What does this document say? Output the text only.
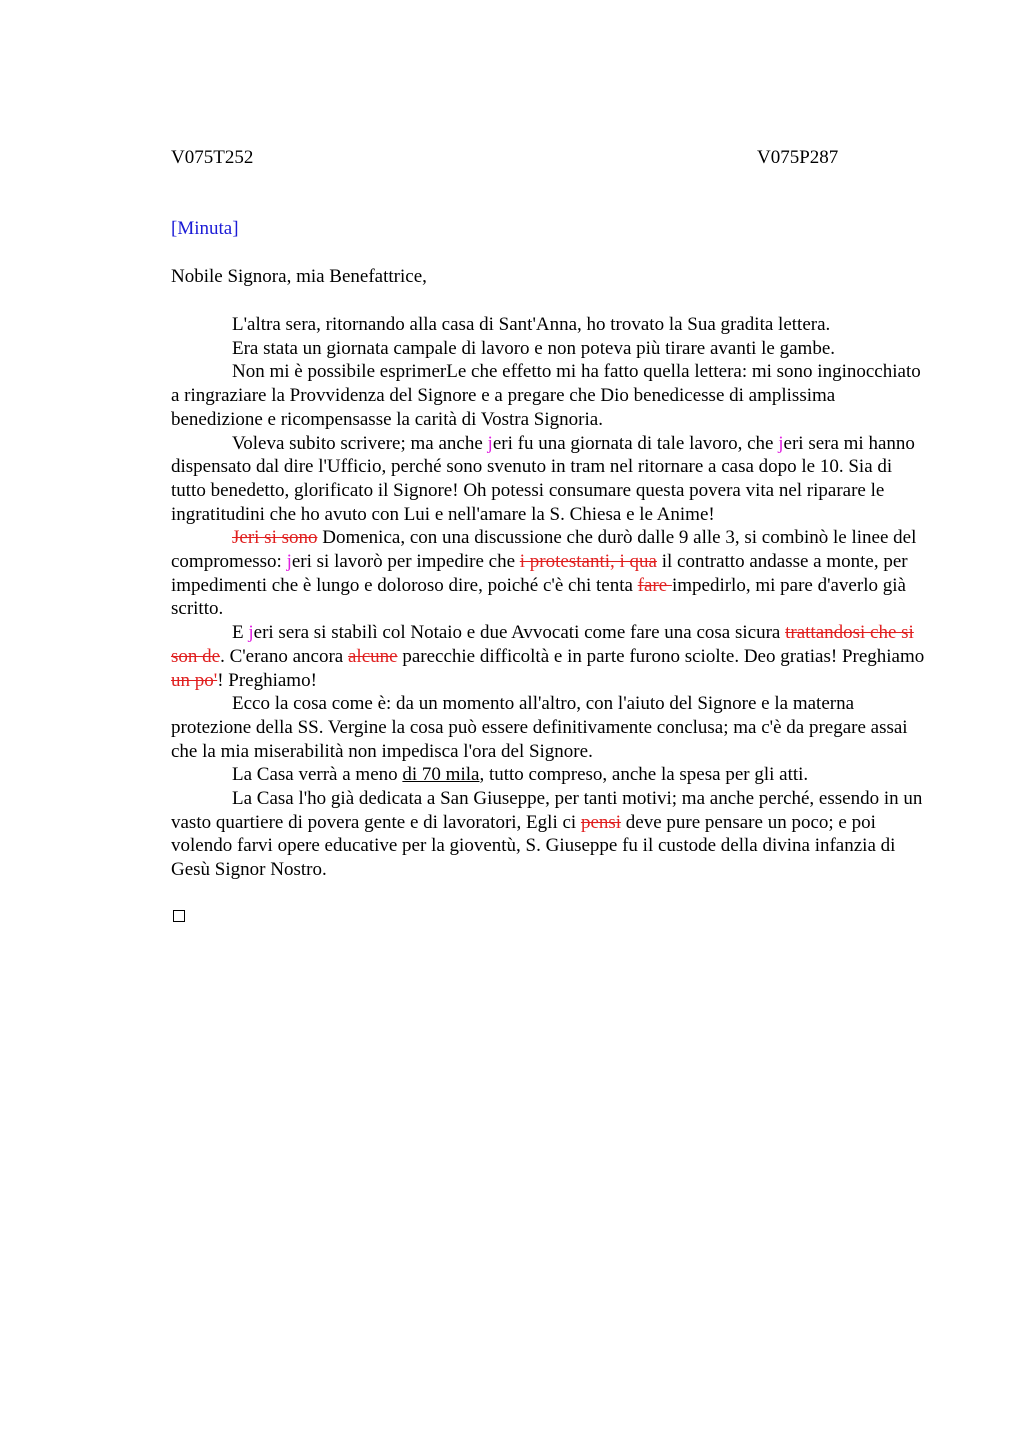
V075T252	V075P287
[Minuta]
Nobile Signora, mia Benefattrice,

L'altra sera, ritornando alla casa di Sant'Anna, ho trovato la Sua gradita lettera.

Era stata un giornata campale di lavoro e non poteva più tirare avanti le gambe.

Non mi è possibile esprimerLe che effetto mi ha fatto quella lettera: mi sono inginocchiato a ringraziare la Provvidenza del Signore e a pregare che Dio benedicesse di amplissima benedizione e ricompensasse la carità di Vostra Signoria.

Voleva subito scrivere; ma anche jeri fu una giornata di tale lavoro, che jeri sera mi hanno dispensato dal dire l'Ufficio, perché sono svenuto in tram nel ritornare a casa dopo le 10. Sia di tutto benedetto, glorificato il Signore! Oh potessi consumare questa povera vita nel riparare le ingratitudini che ho avuto con Lui e nell'amare la S. Chiesa e le Anime!

Jeri si sono Domenica, con una discussione che durò dalle 9 alle 3, si combinò le linee del compromesso: jeri si lavorò per impedire che i protestanti, i qua il contratto andasse a monte, per impedimenti che è lungo e doloroso dire, poiché c'è chi tenta fare impedirlo, mi pare d'averlo già scritto.

E jeri sera si stabilì col Notaio e due Avvocati come fare una cosa sicura trattandosi che si son de. C'erano ancora alcune parecchie difficoltà e in parte furono sciolte. Deo gratias! Preghiamo un po'! Preghiamo!

Ecco la cosa come è: da un momento all'altro, con l'aiuto del Signore e la materna protezione della SS. Vergine la cosa può essere definitivamente conclusa; ma c'è da pregare assai che la mia miserabilità non impedisca l'ora del Signore.

La Casa verrà a meno di 70 mila, tutto compreso, anche la spesa per gli atti.

La Casa l'ho già dedicata a San Giuseppe, per tanti motivi; ma anche perché, essendo in un vasto quartiere di povera gente e di lavoratori, Egli ci pensi deve pure pensare un poco; e poi volendo farvi opere educative per la gioventù, S. Giuseppe fu il custode della divina infanzia di Gesù Signor Nostro.
